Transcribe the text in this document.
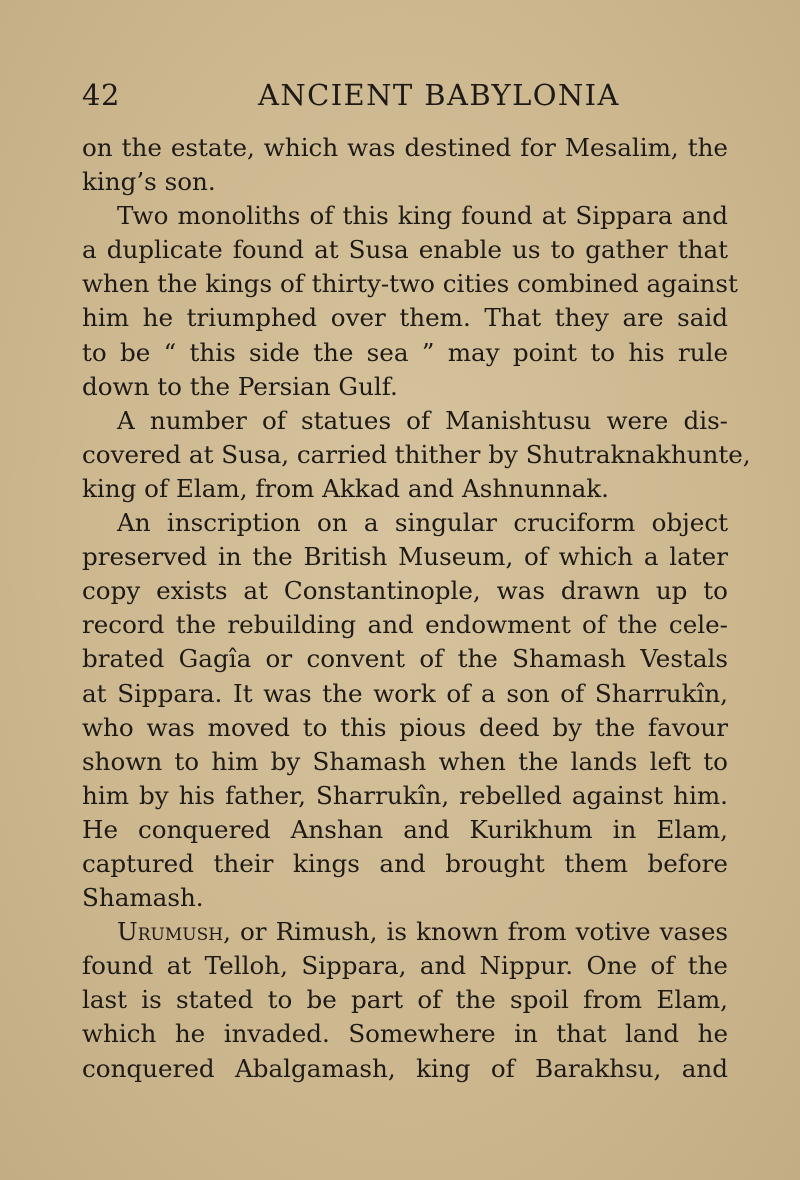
42	ANCIENT BABYLONIA
on the estate, which was destined for Mesalim, the
king’s son.
Two monoliths of this king found at Sippara and
a duplicate found at Susa enable us to gather that
when the kings of thirty-two cities combined against
him he triumphed over them. That they are said
to be “ this side the sea ” may point to his rule
down to the Persian Gulf.
A number of statues of Manishtusu were dis-
covered at Susa, carried thither by Shutraknakhunte,
king of Elam, from Akkad and Ashnunnak.
An inscription on a singular cruciform object
preserved in the British Museum, of which a later
copy exists at Constantinople, was drawn up to
record the rebuilding and endowment of the cele-
brated Gagîa or convent of the Shamash Vestals
at Sippara. It was the work of a son of Sharrukîn,
who was moved to this pious deed by the favour
shown to him by Shamash when the lands left to
him by his father, Sharrukîn, rebelled against him.
He conquered Anshan and Kurikhum in Elam,
captured their kings and brought them before
Shamash.
Urumush, or Rimush, is known from votive vases
found at Telloh, Sippara, and Nippur. One of the
last is stated to be part of the spoil from Elam,
which he invaded. Somewhere in that land he
conquered Abalgamash, king of Barakhsu, and
